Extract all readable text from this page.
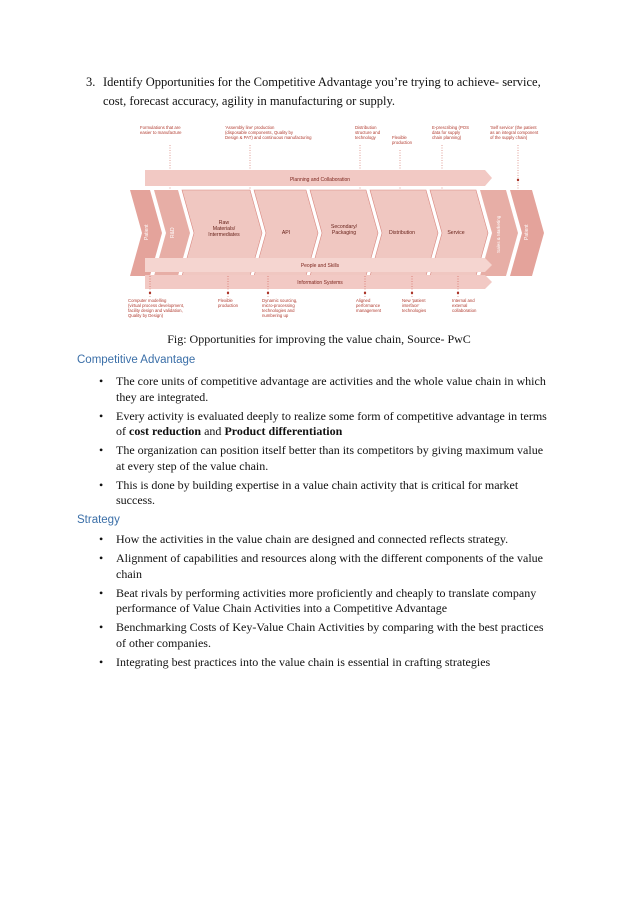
3. Identify Opportunities for the Competitive Advantage you’re trying to achieve- service, cost, forecast accuracy, agility in manufacturing or supply.
Formulations that are easier to manufacture
'Assembly line' production (disposable components, Quality by Design & PAT) and continuous manufacturing
Distribution structure and technology	Flexible production
E-prescribing (POS data for supply chain planning)
'Self service' (the patient as an integral component of the supply chain)
Planning and Collaboration
Patient	R&D	Sales & Marketing	Patient
Raw Materials/ Intermediates	API
Secondary/ Packaging	Distribution	Service
People and Skills
Information Systems
Computer modelling (virtual process development, facility design and validation, Quality by Design)
Flexible production
Dynamic sourcing, micro-processing technologies and numbering up
Aligned performance management
New 'patient interface' technologies
Internal and external collaboration
Fig: Opportunities for improving the value chain, Source- PwC
Competitive Advantage
• The core units of competitive advantage are activities and the whole value chain in which they are integrated.
• Every activity is evaluated deeply to realize some form of competitive advantage in terms of cost reduction and Product differentiation
• The organization can position itself better than its competitors by giving maximum value at every step of the value chain.
• This is done by building expertise in a value chain activity that is critical for market success.
Strategy
• How the activities in the value chain are designed and connected reflects strategy.
• Alignment of capabilities and resources along with the different components of the value chain
• Beat rivals by performing activities more proficiently and cheaply to translate company performance of Value Chain Activities into a Competitive Advantage
• Benchmarking Costs of Key-Value Chain Activities by comparing with the best practices of other companies.
• Integrating best practices into the value chain is essential in crafting strategies
